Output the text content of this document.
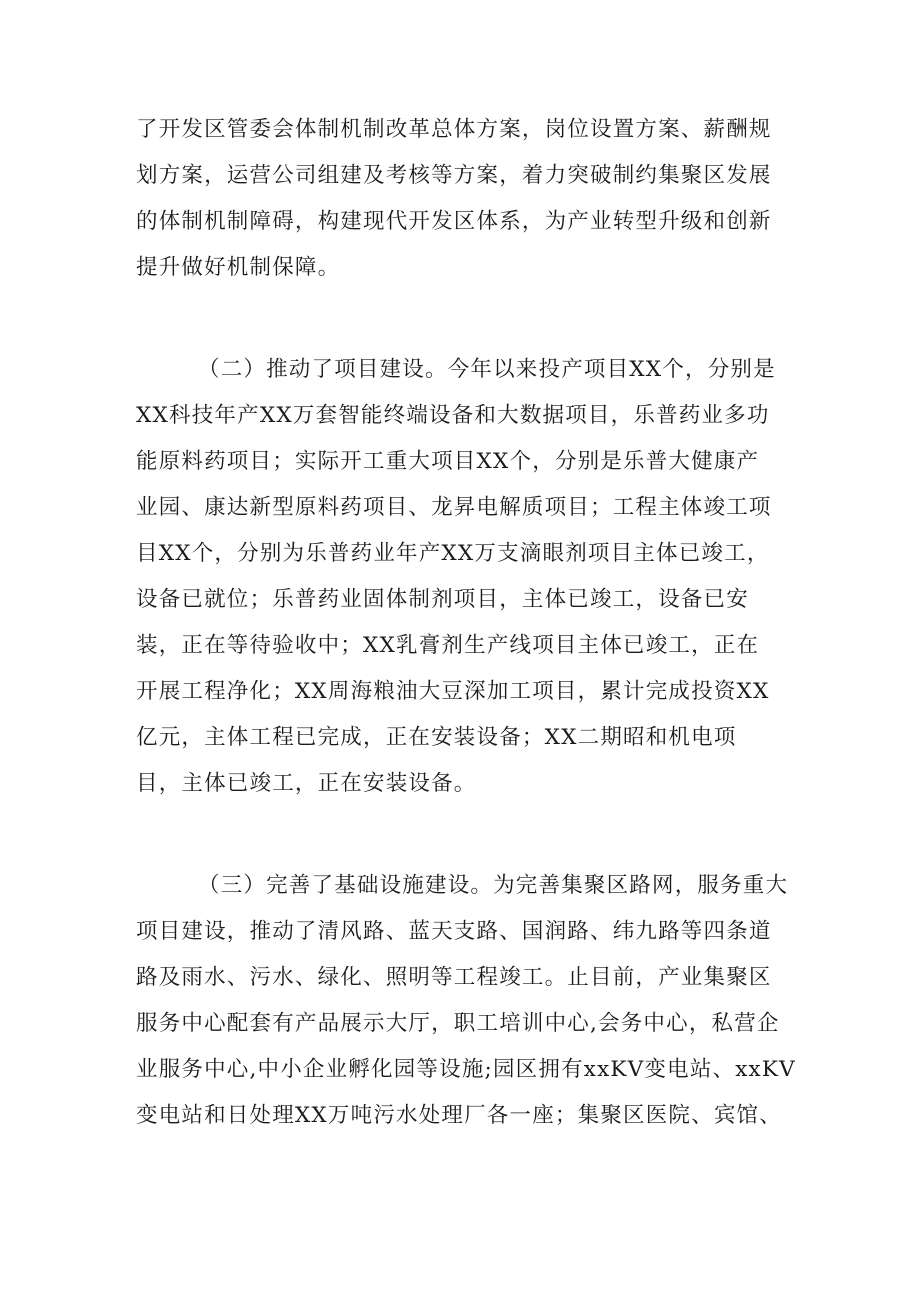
了开发区管委会体制机制改革总体方案，岗位设置方案、薪酬规
划方案，运营公司组建及考核等方案，着力突破制约集聚区发展
的体制机制障碍，构建现代开发区体系，为产业转型升级和创新
提升做好机制保障。
（二）推动了项目建设。今年以来投产项目XX个，分别是
XX科技年产XX万套智能终端设备和大数据项目，乐普药业多功
能原料药项目；实际开工重大项目XX个，分别是乐普大健康产
业园、康达新型原料药项目、龙昇电解质项目；工程主体竣工项
目XX个，分别为乐普药业年产XX万支滴眼剂项目主体已竣工，
设备已就位；乐普药业固体制剂项目，主体已竣工，设备已安
装，正在等待验收中；XX乳膏剂生产线项目主体已竣工，正在
开展工程净化；XX周海粮油大豆深加工项目，累计完成投资XX
亿元，主体工程已完成，正在安装设备；XX二期昭和机电项
目，主体已竣工，正在安装设备。
（三）完善了基础设施建设。为完善集聚区路网，服务重大
项目建设，推动了清风路、蓝天支路、国润路、纬九路等四条道
路及雨水、污水、绿化、照明等工程竣工。止目前，产业集聚区
服务中心配套有产品展示大厅，职工培训中心,会务中心，私营企
业服务中心,中小企业孵化园等设施;园区拥有xxKV变电站、xxKV
变电站和日处理XX万吨污水处理厂各一座；集聚区医院、宾馆、
